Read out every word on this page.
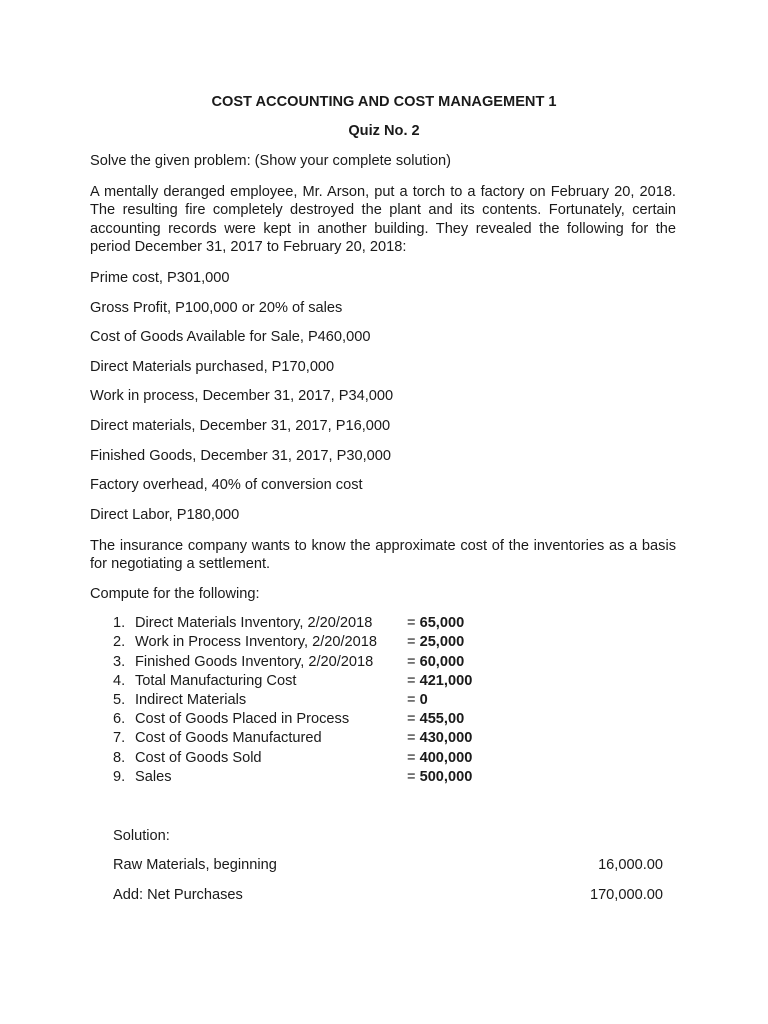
COST ACCOUNTING AND COST MANAGEMENT 1
Quiz No. 2
Solve the given problem: (Show your complete solution)
A mentally deranged employee, Mr. Arson, put a torch to a factory on February 20, 2018. The resulting fire completely destroyed the plant and its contents. Fortunately, certain accounting records were kept in another building. They revealed the following for the period December 31, 2017 to February 20, 2018:
Prime cost, P301,000
Gross Profit, P100,000 or 20% of sales
Cost of Goods Available for Sale, P460,000
Direct Materials purchased, P170,000
Work in process, December 31, 2017, P34,000
Direct materials, December 31, 2017, P16,000
Finished Goods, December 31, 2017, P30,000
Factory overhead, 40% of conversion cost
Direct Labor, P180,000
The insurance company wants to know the approximate cost of the inventories as a basis for negotiating a settlement.
Compute for the following:
1. Direct Materials Inventory, 2/20/2018 = 65,000
2. Work in Process Inventory, 2/20/2018 = 25,000
3. Finished Goods Inventory, 2/20/2018 = 60,000
4. Total Manufacturing Cost	= 421,000
5. Indirect Materials	= 0
6. Cost of Goods Placed in Process	= 455,00
7. Cost of Goods Manufactured	= 430,000
8. Cost of Goods Sold	= 400,000
9. Sales	= 500,000
Solution:
Raw Materials, beginning	16,000.00
Add: Net Purchases	170,000.00
